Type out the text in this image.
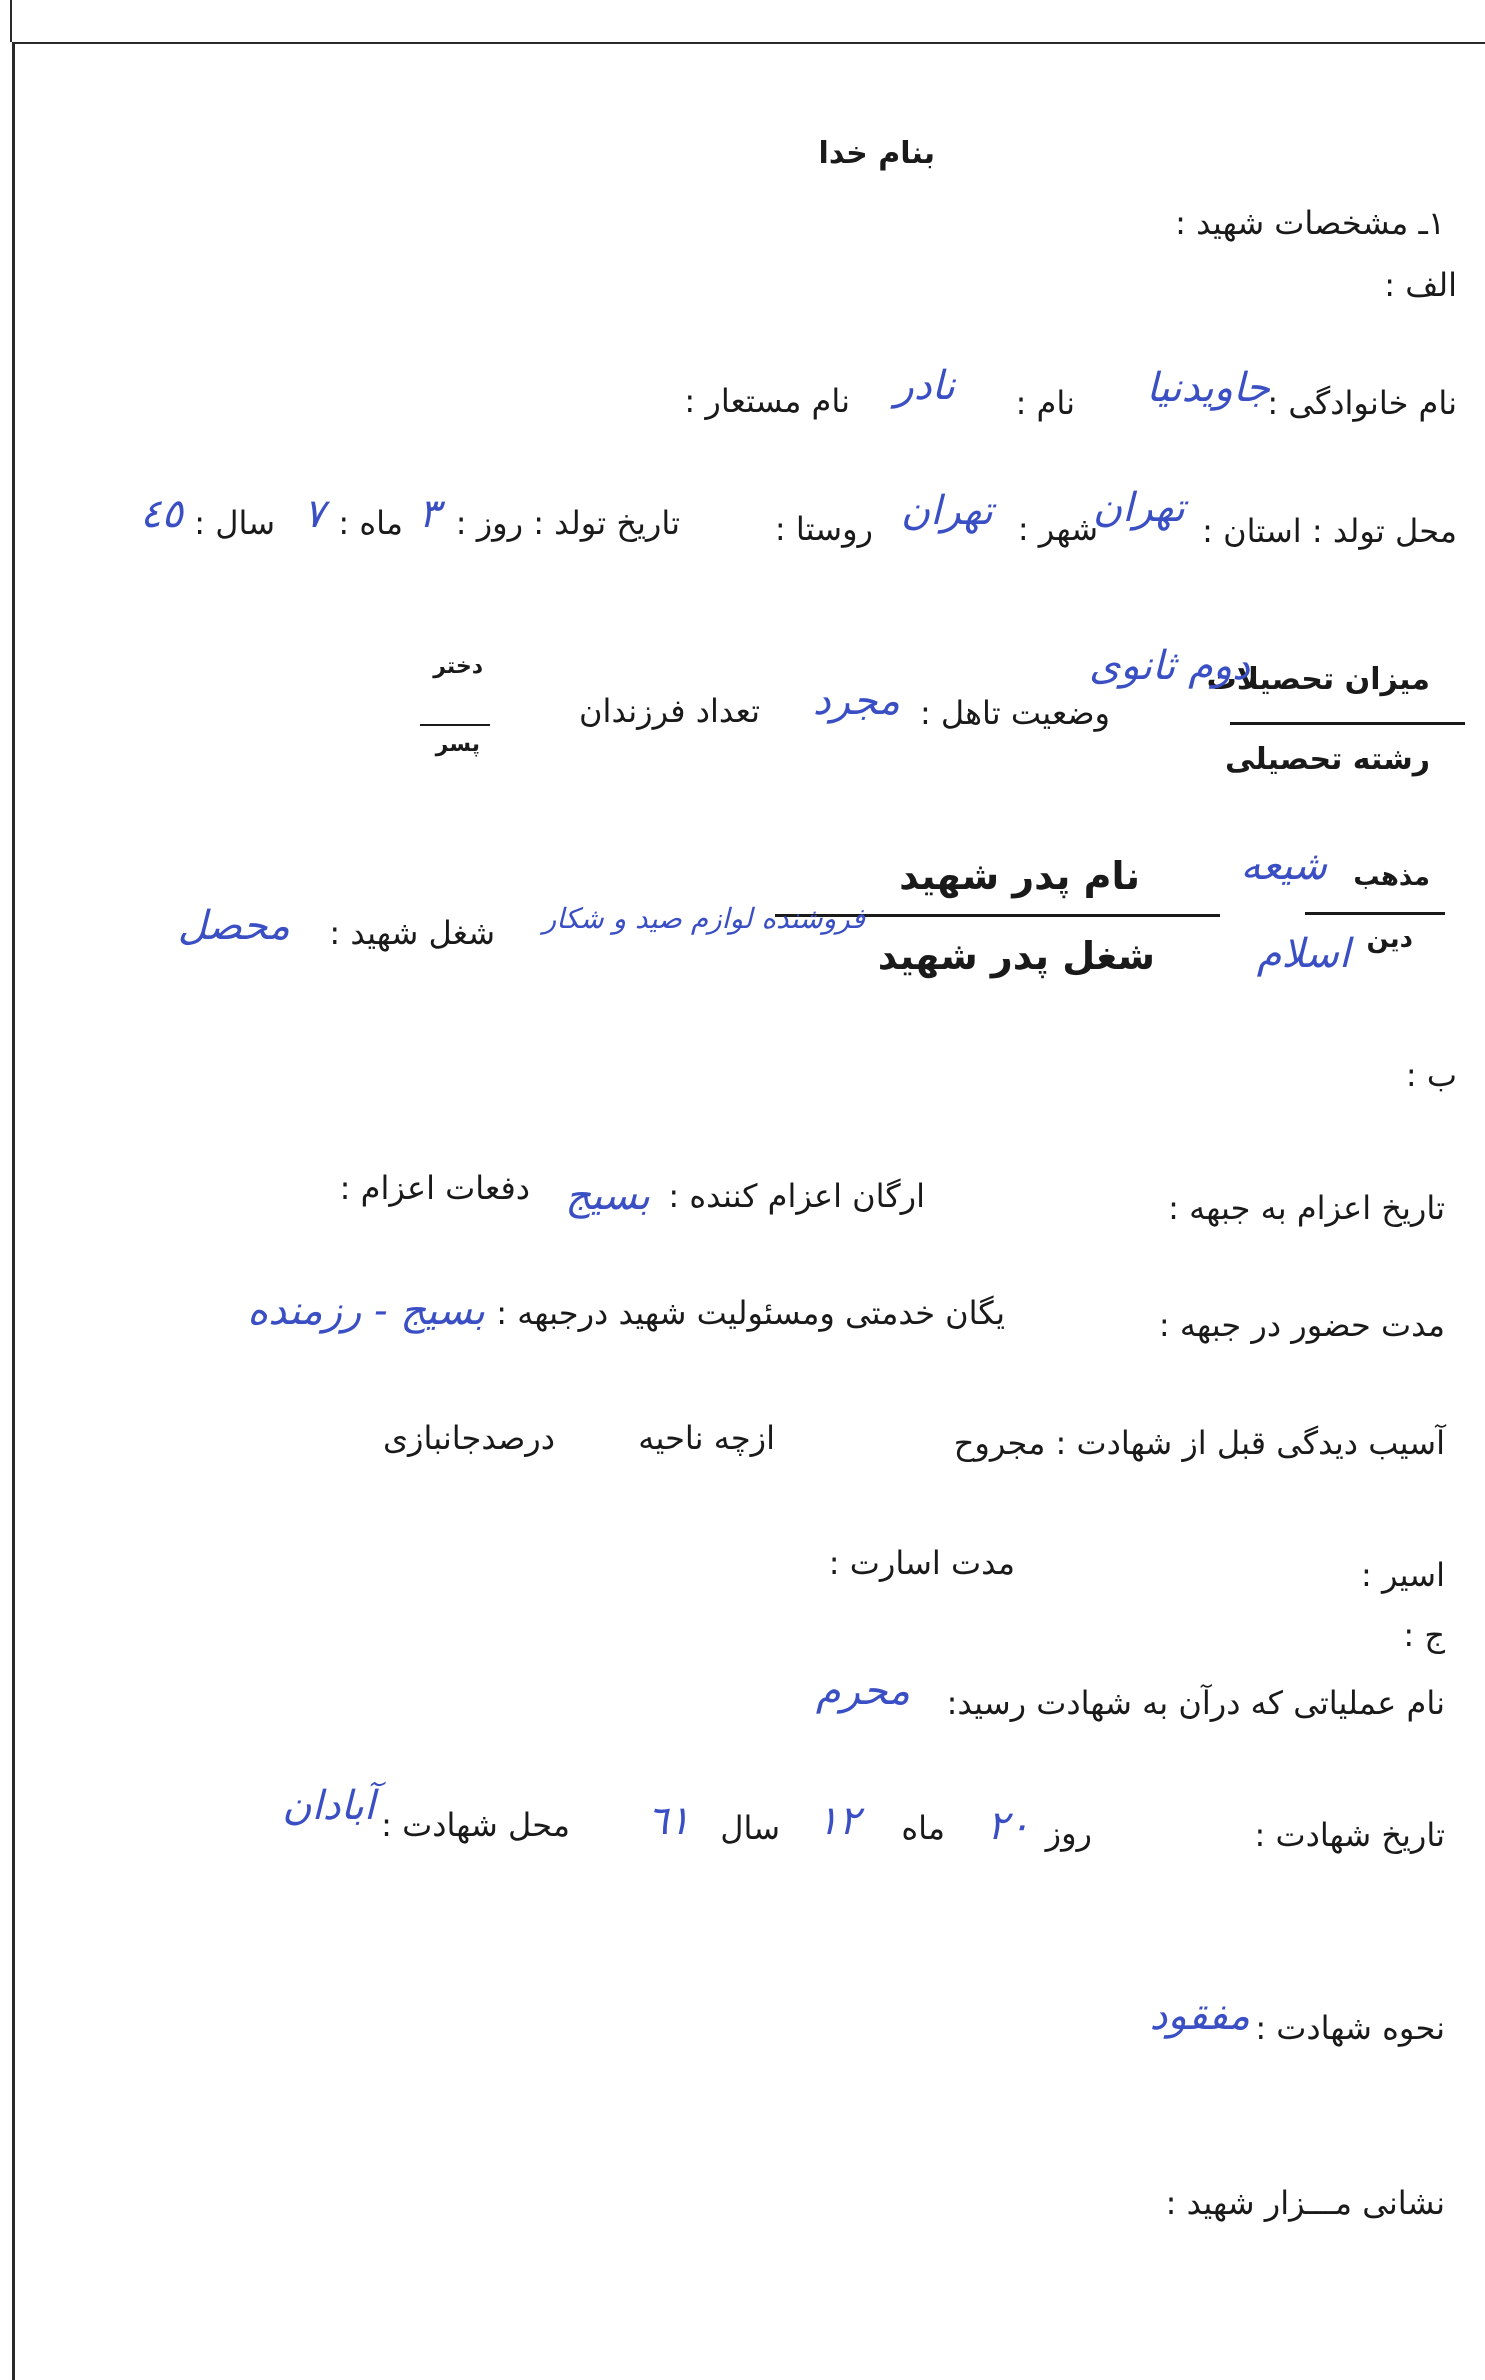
بنام خدا
١ـ مشخصات شهید :
الف :
نام خانوادگی :
جاویدنیا
نام :
نادر
نام مستعار :
محل تولد : استان :
تهران
شهر :
تهران
روستا :
تاریخ تولد : روز :
٣
ماه :
٧
سال :
٤٥
میزان تحصیلات
دوم ثانوی
رشته تحصیلی
وضعیت تاهل :
مجرد
تعداد فرزندان
دختر
پسر
مذهب
شیعه
دین
اسلام
نام پدر شهید
شغل پدر شهید
فروشنده لوازم صید و شکار
شغل شهید :
محصل
ب :
تاریخ اعزام به جبهه :
ارگان اعزام کننده :
بسیج
دفعات اعزام :
مدت حضور در جبهه :
یگان خدمتی ومسئولیت شهید درجبهه :
بسیج - رزمنده
آسیب دیدگی قبل از شهادت : مجروح
ازچه ناحیه
درصدجانبازی
اسیر :
مدت اسارت :
ج :
نام عملیاتی که درآن به شهادت رسید:
محرم
تاریخ شهادت :
روز
٢٠
ماه
١٢
سال
٦١
محل شهادت :
آبادان
نحوه شهادت :
مفقود
نشانی مـــزار شهید :
